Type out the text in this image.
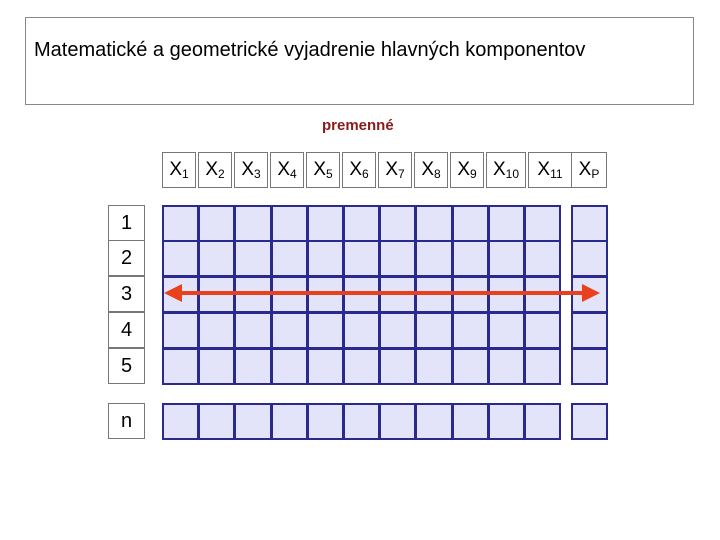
Matematické a geometrické vyjadrenie hlavných komponentov
premenné
$X_1$ $X_2$ $X_3$ $X_4$ $X_5$ $X_6$ $X_7$ $X_8$ $X_9$ $X_{10}$ $X_{11}$ $X_P$
1
2
3
4
5
n
